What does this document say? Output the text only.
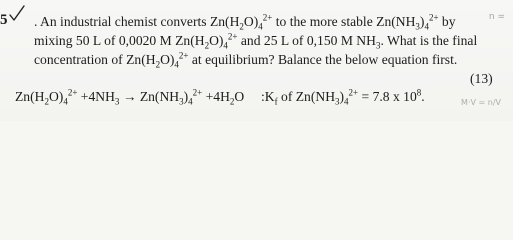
5 . An industrial chemist converts $Zn(H_2O)_4^{2+}$ to the more stable $Zn(NH_3)_4^{2+}$ by
mixing 50 L of 0,0020 M $Zn(H_2O)_4^{2+}$ and 25 L of 0,150 M $NH_3$. What is the final
concentration of $Zn(H_2O)_4^{2+}$ at equilibrium? Balance the below equation first.
(13)
$Zn(H_2O)_4^{2+} +4NH_3 \to Zn(NH_3)_4^{2+} +4H_2O$ $:K_f$ of $Zn(NH_3)_4^{2+} = 7.8$ x $10^8$.
n =
M·V = n/V
